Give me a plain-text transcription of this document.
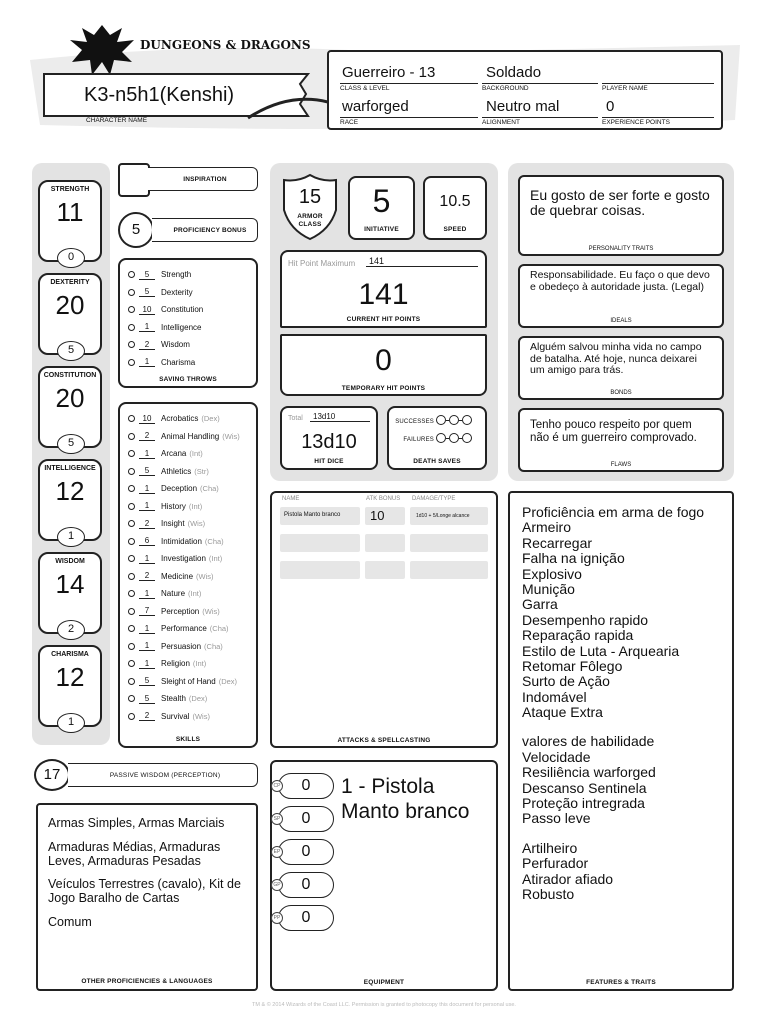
DUNGEONS & DRAGONS
K3-n5h1(Kenshi)
CHARACTER NAME
Guerreiro - 13
CLASS & LEVEL
Soldado
BACKGROUND	PLAYER NAME
warforged
RACE
Neutro mal
ALIGNMENT
0
EXPERIENCE POINTS
STRENGTH
11
0
DEXTERITY
20
5
CONSTITUTION
20
5
INTELLIGENCE
12
1
WISDOM
14
2
CHARISMA
12
1
INSPIRATION
5	PROFICIENCY BONUS
5	Strength
5	Dexterity
10	Constitution
1	Intelligence
2	Wisdom
1	Charisma
SAVING THROWS
10	Acrobatics (Dex)
2	Animal Handling (Wis)
1	Arcana (Int)
5	Athletics (Str)
1	Deception (Cha)
1	History (Int)
2	Insight (Wis)
6	Intimidation (Cha)
1	Investigation (Int)
2	Medicine (Wis)
1	Nature (Int)
7	Perception (Wis)
1	Performance (Cha)
1	Persuasion (Cha)
1	Religion (Int)
5	Sleight of Hand (Dex)
5	Stealth (Dex)
2	Survival (Wis)
SKILLS
17	PASSIVE WISDOM (PERCEPTION)
Armas Simples, Armas Marciais
Armaduras Médias, Armaduras Leves, Armaduras Pesadas
Veículos Terrestres (cavalo), Kit de Jogo Baralho de Cartas
Comum
OTHER PROFICIENCIES & LANGUAGES
15
ARMOR CLASS
5
INITIATIVE
10.5
SPEED
Hit Point Maximum	141
141
CURRENT HIT POINTS
0
TEMPORARY HIT POINTS
Total	13d10
13d10
HIT DICE
SUCCESSES
FAILURES
DEATH SAVES
NAME	ATK BONUS DAMAGE/TYPE
Pistola Manto branco	10	1d10 + 5/Longe alcance
ATTACKS & SPELLCASTING
CP 0
SP 0
EP 0
GP 0
PP 0
1 - Pistola Manto branco
EQUIPMENT
Eu gosto de ser forte e gosto de quebrar coisas.
PERSONALITY TRAITS
Responsabilidade. Eu faço o que devo e obedeço à autoridade justa. (Legal)
IDEALS
Alguém salvou minha vida no campo de batalha. Até hoje, nunca deixarei um amigo para trás.
BONDS
Tenho pouco respeito por quem não é um guerreiro comprovado.
FLAWS
Proficiência em arma de fogo
Armeiro
Recarregar
Falha na ignição
Explosivo
Munição
Garra
Desempenho rapido
Reparação rapida
Estilo de Luta - Arquearia
Retomar Fôlego
Surto de Ação
Indomável
Ataque Extra
valores de habilidade
Velocidade
Resiliência warforged
Descanso Sentinela
Proteção intregrada
Passo leve
Artilheiro
Perfurador
Atirador afiado
Robusto
FEATURES & TRAITS
TM & © 2014 Wizards of the Coast LLC. Permission is granted to photocopy this document for personal use.
